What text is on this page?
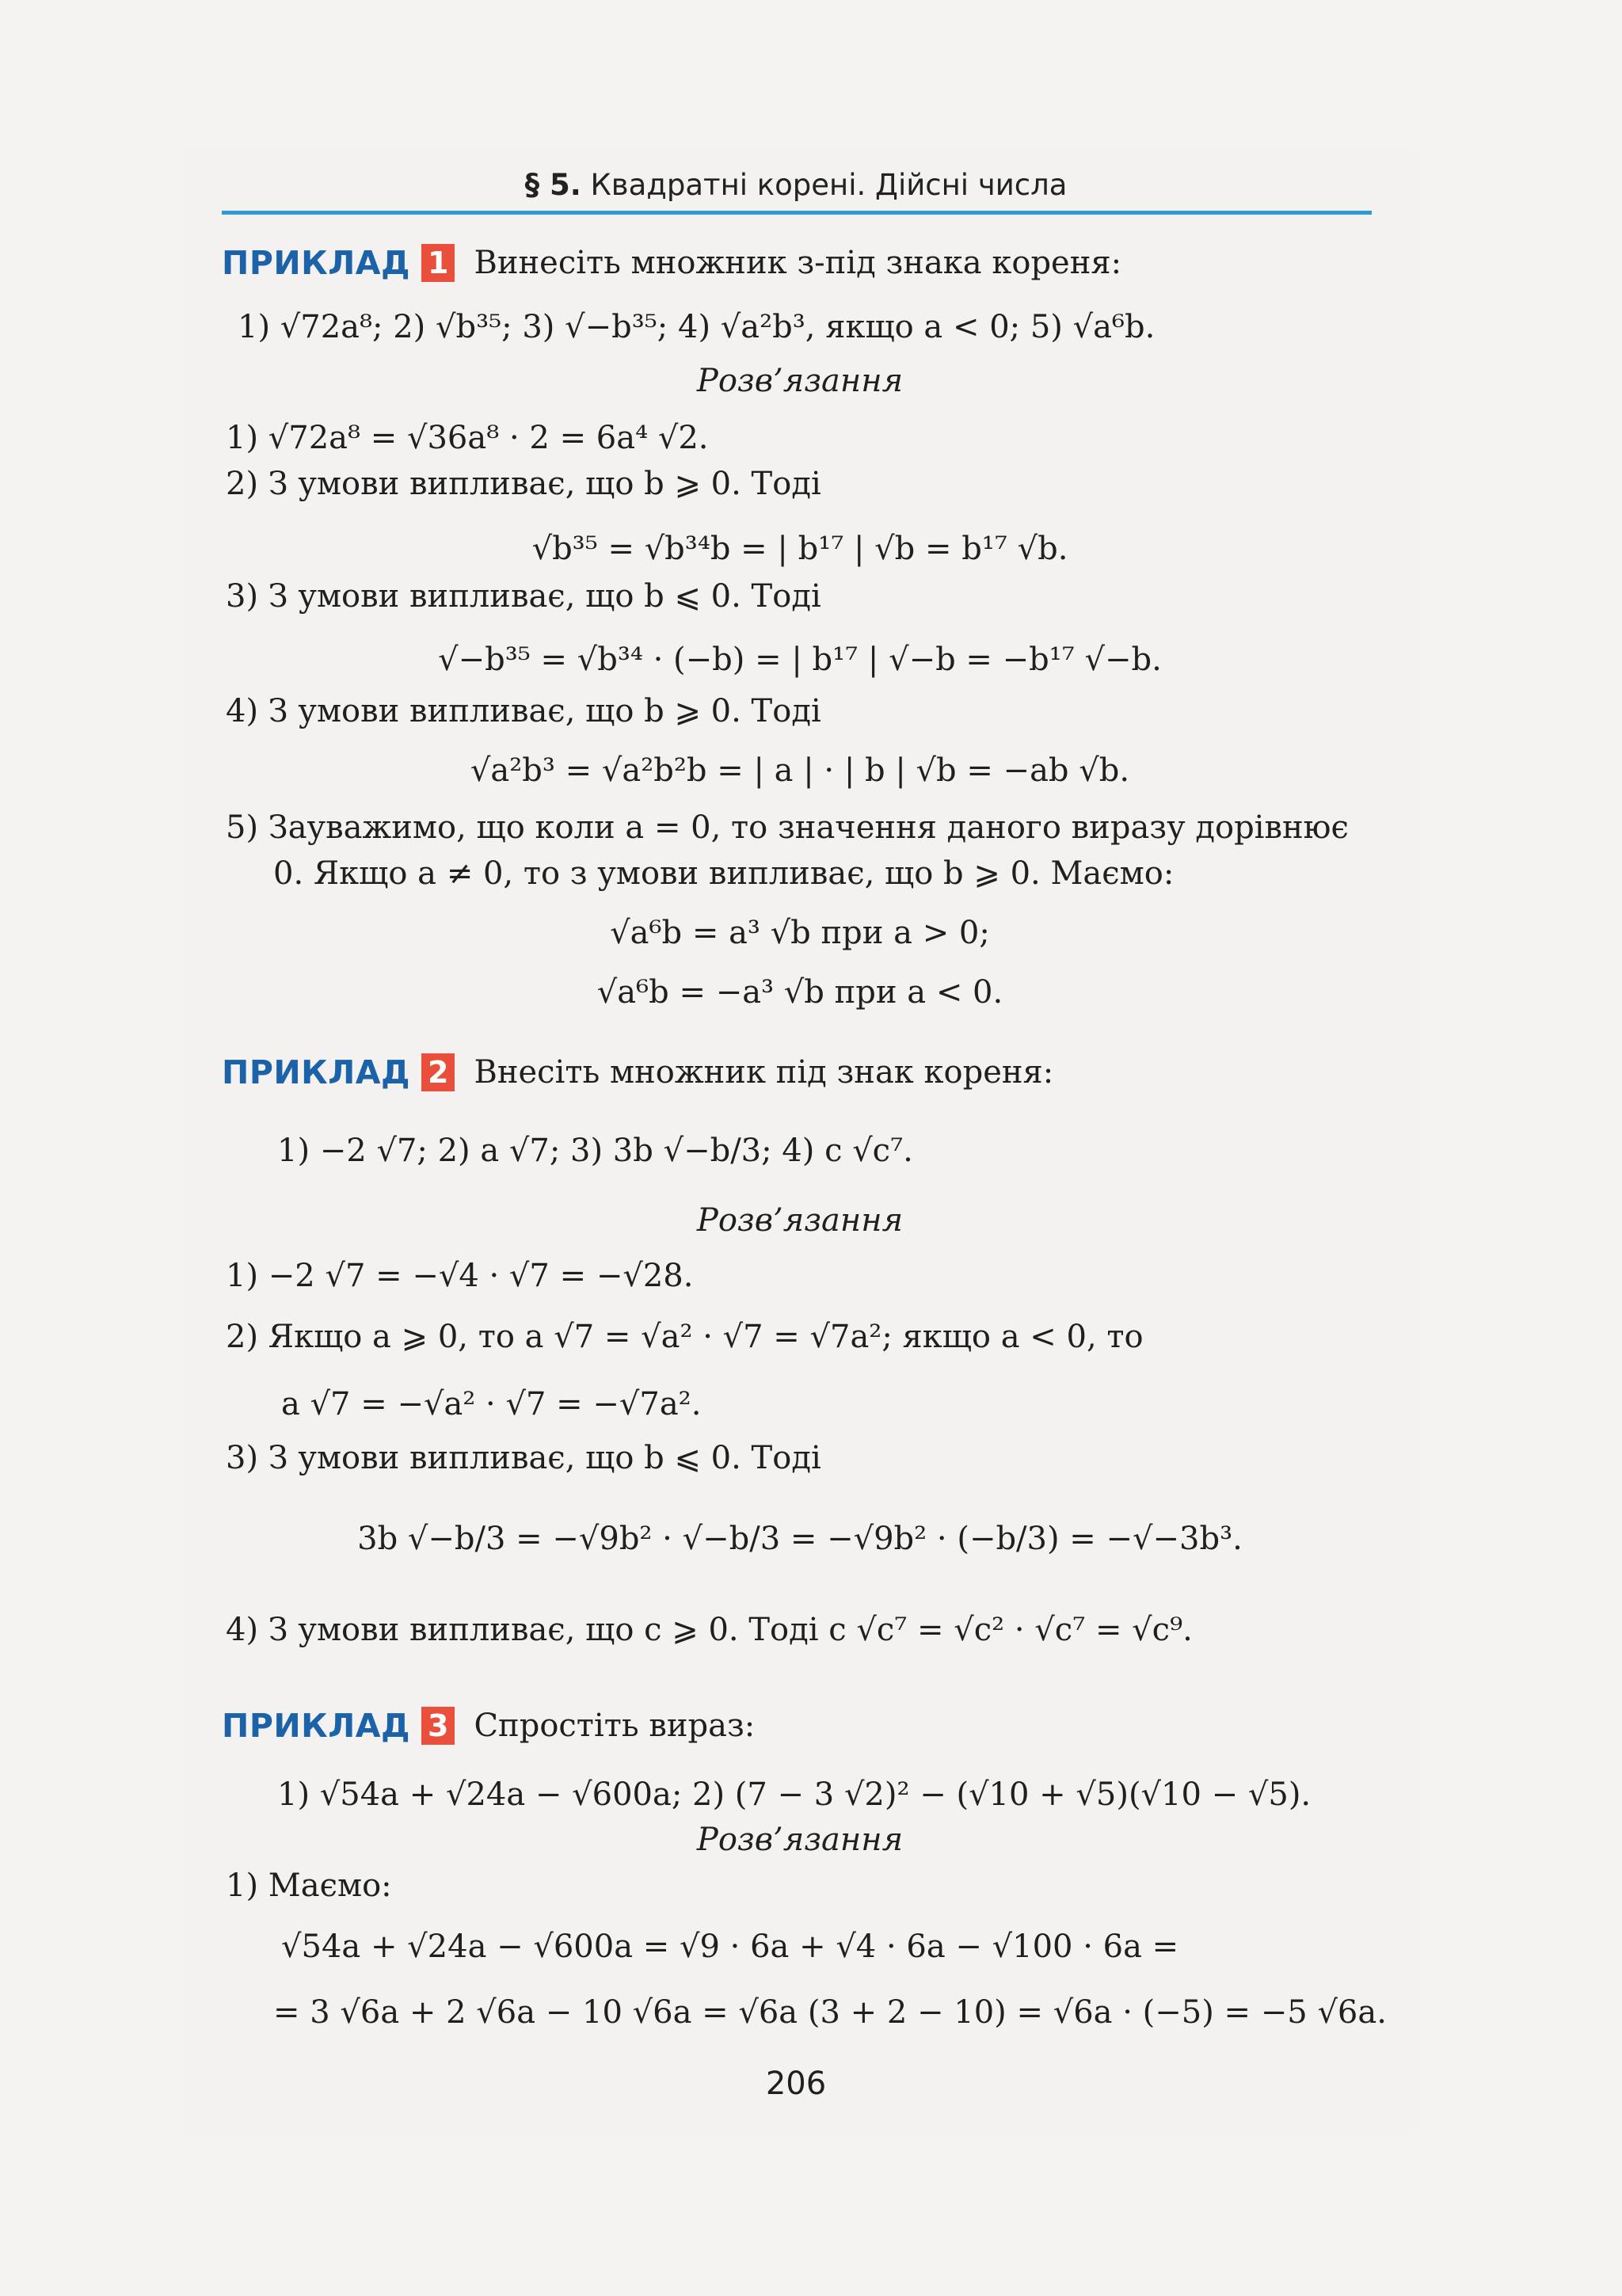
§ 5. Квадратні корені. Дійсні числа
ПРИКЛАД 1 Винесіть множник з-під знака кореня:
1) √72a⁸; 2) √b³⁵; 3) √−b³⁵; 4) √a²b³, якщо a < 0; 5) √a⁶b.
Розв’язання
1) √72a⁸ = √36a⁸ · 2 = 6a⁴ √2.
2) З умови випливає, що b ⩾ 0. Тоді
√b³⁵ = √b³⁴b = | b¹⁷ | √b = b¹⁷ √b.
3) З умови випливає, що b ⩽ 0. Тоді
√−b³⁵ = √b³⁴ · (−b) = | b¹⁷ | √−b = −b¹⁷ √−b.
4) З умови випливає, що b ⩾ 0. Тоді
√a²b³ = √a²b²b = | a | · | b | √b = −ab √b.
5) Зауважимо, що коли a = 0, то значення даного виразу дорівнює
0. Якщо a ≠ 0, то з умови випливає, що b ⩾ 0. Маємо:
√a⁶b = a³ √b при a > 0;
√a⁶b = −a³ √b при a < 0.
ПРИКЛАД 2 Внесіть множник під знак кореня:
1) −2 √7; 2) a √7; 3) 3b √−b/3; 4) c √c⁷.
Розв’язання
1) −2 √7 = −√4 · √7 = −√28.
2) Якщо a ⩾ 0, то a √7 = √a² · √7 = √7a²; якщо a < 0, то
a √7 = −√a² · √7 = −√7a².
3) З умови випливає, що b ⩽ 0. Тоді
3b √−b/3 = −√9b² · √−b/3 = −√9b² · (−b/3) = −√−3b³.
4) З умови випливає, що c ⩾ 0. Тоді c √c⁷ = √c² · √c⁷ = √c⁹.
ПРИКЛАД 3 Спростіть вираз:
1) √54a + √24a − √600a; 2) (7 − 3 √2)² − (√10 + √5)(√10 − √5).
Розв’язання
1) Маємо:
√54a + √24a − √600a = √9 · 6a + √4 · 6a − √100 · 6a =
= 3 √6a + 2 √6a − 10 √6a = √6a (3 + 2 − 10) = √6a · (−5) = −5 √6a.
206
